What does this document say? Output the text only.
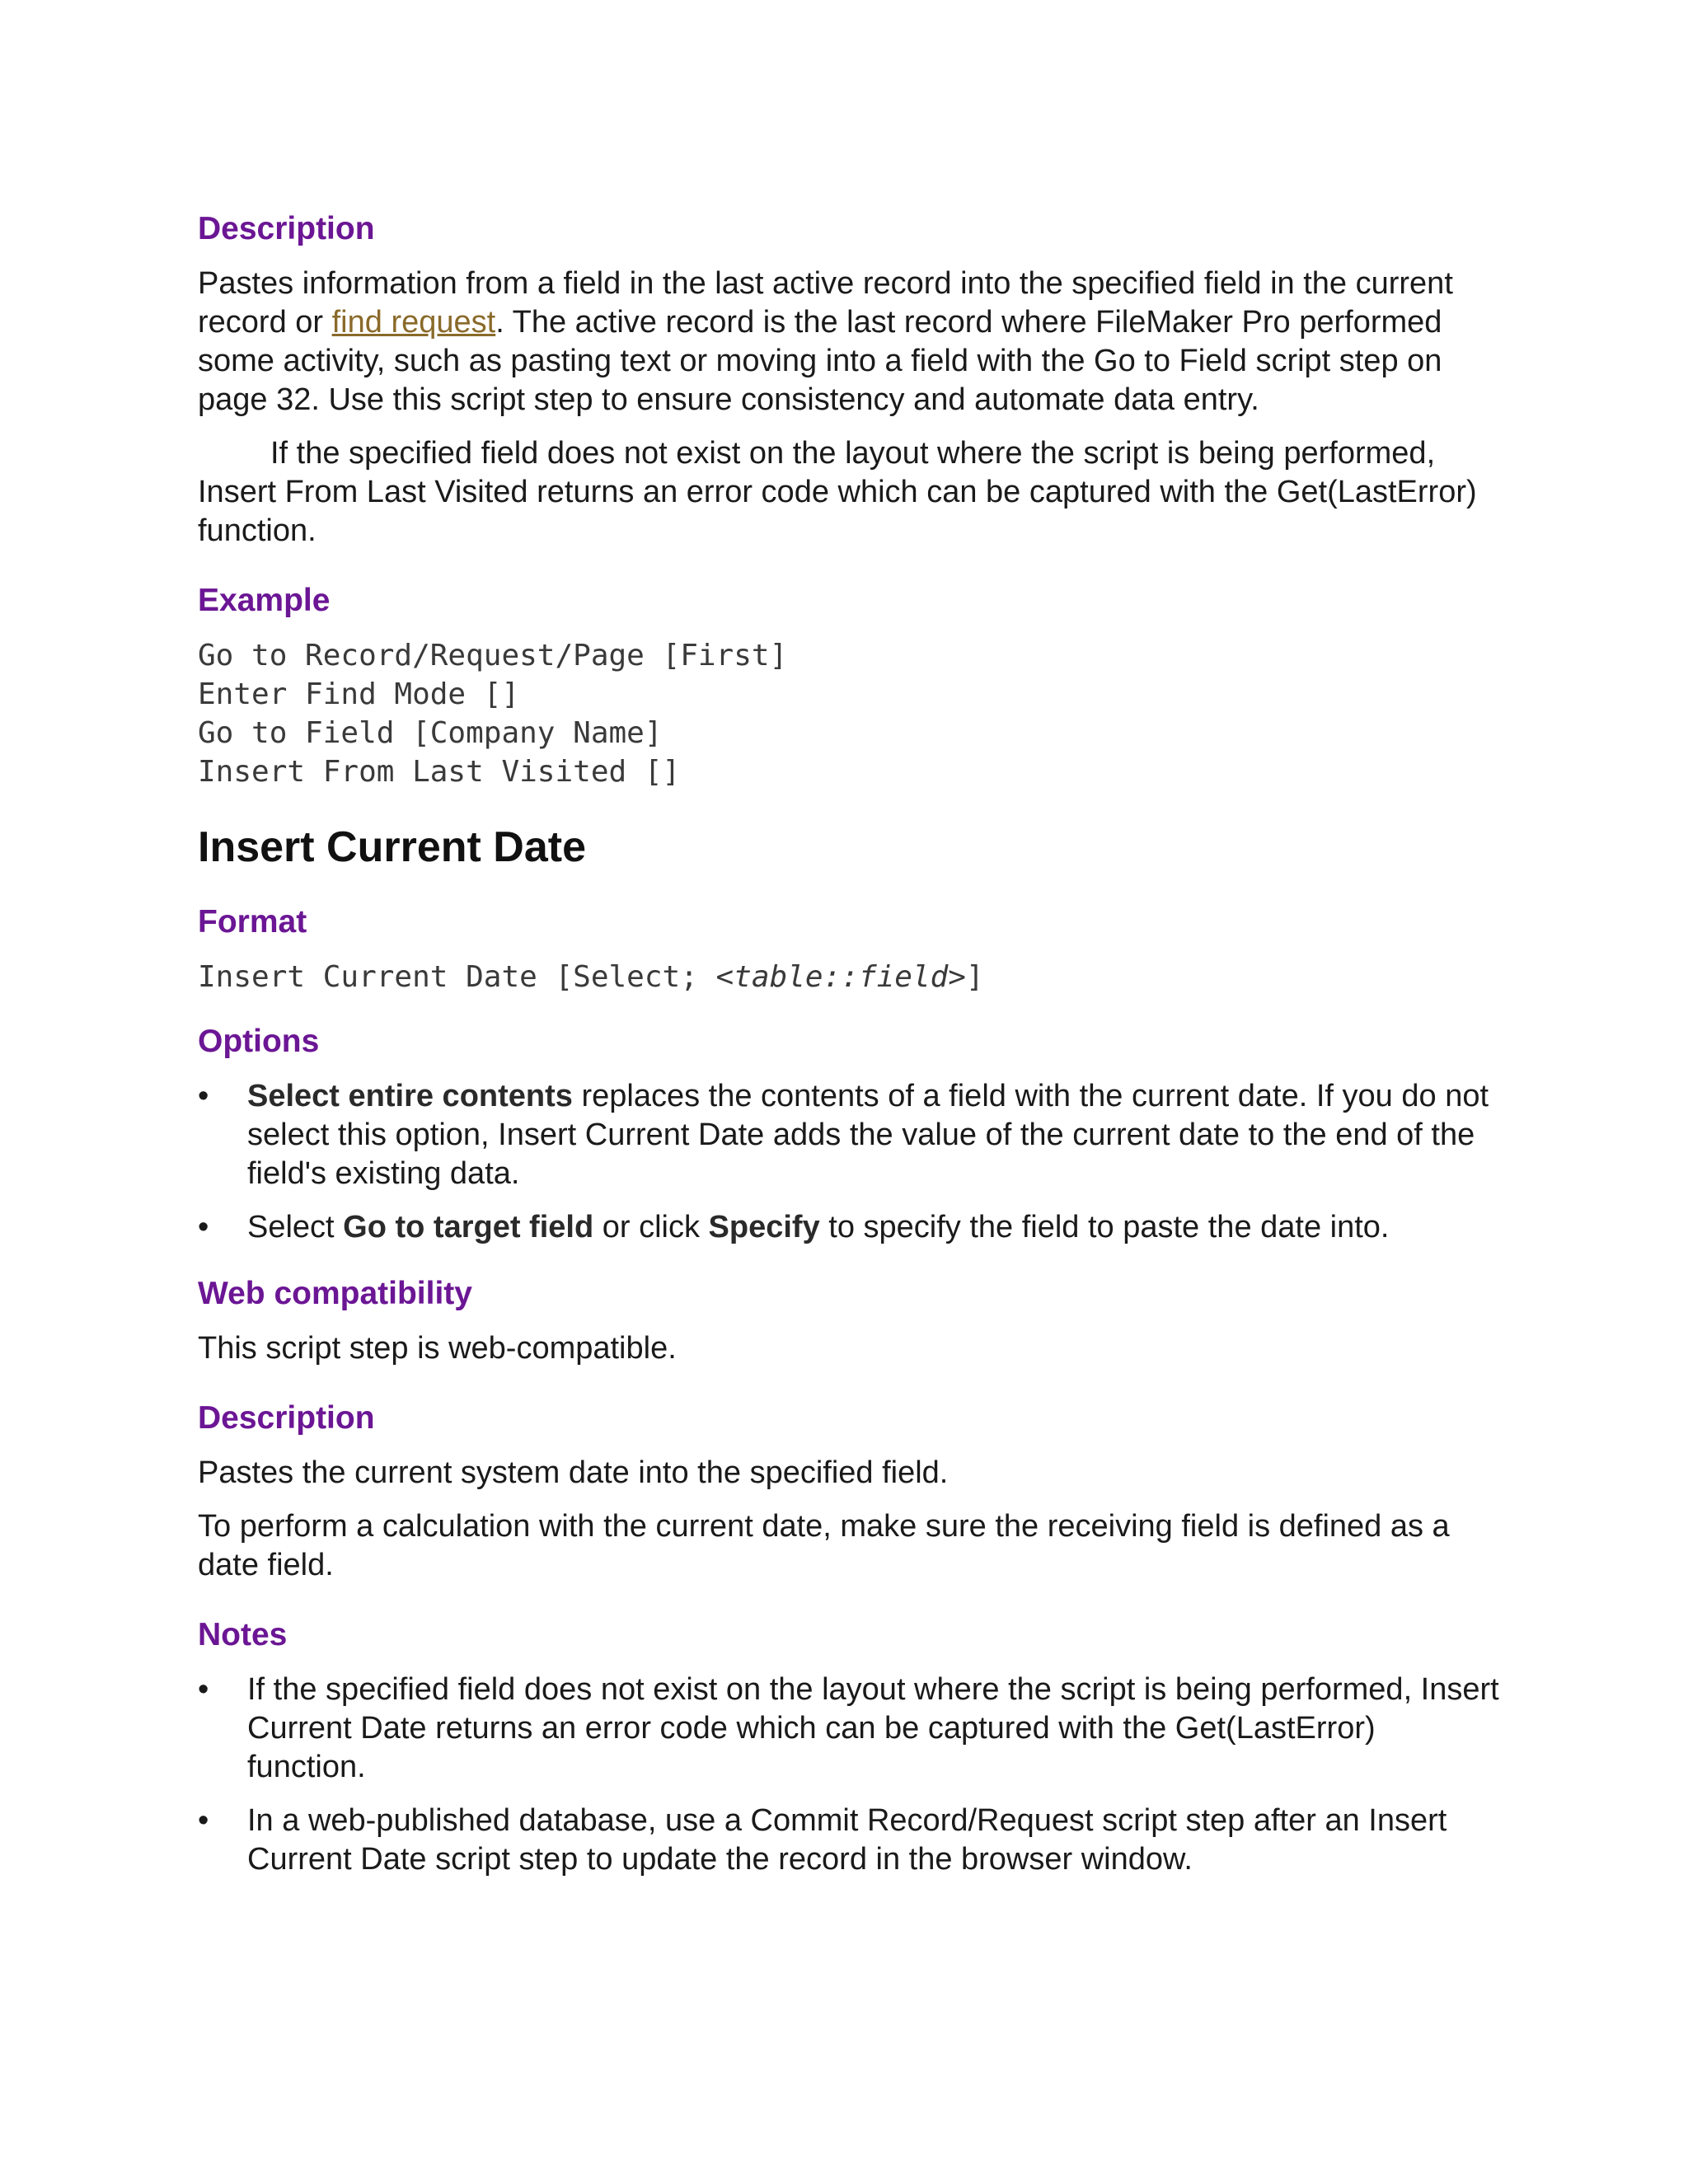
Description

Pastes information from a field in the last active record into the specified field in the current record or find request. The active record is the last record where FileMaker Pro performed some activity, such as pasting text or moving into a field with the Go to Field script step on page 32. Use this script step to ensure consistency and automate data entry.

If the specified field does not exist on the layout where the script is being performed, Insert From Last Visited returns an error code which can be captured with the Get(LastError) function.

Example
Go to Record/Request/Page [First]
Enter Find Mode []
Go to Field [Company Name]
Insert From Last Visited []
Insert Current Date
Format
Insert Current Date [Select; <table::field>]
Options
• Select entire contents replaces the contents of a field with the current date. If you do not select this option, Insert Current Date adds the value of the current date to the end of the field's existing data.
• Select Go to target field or click Specify to specify the field to paste the date into.
Web compatibility

This script step is web-compatible.

Description

Pastes the current system date into the specified field.

To perform a calculation with the current date, make sure the receiving field is defined as a date field.

Notes
• If the specified field does not exist on the layout where the script is being performed, Insert Current Date returns an error code which can be captured with the Get(LastError) function.
• In a web-published database, use a Commit Record/Request script step after an Insert Current Date script step to update the record in the browser window.
